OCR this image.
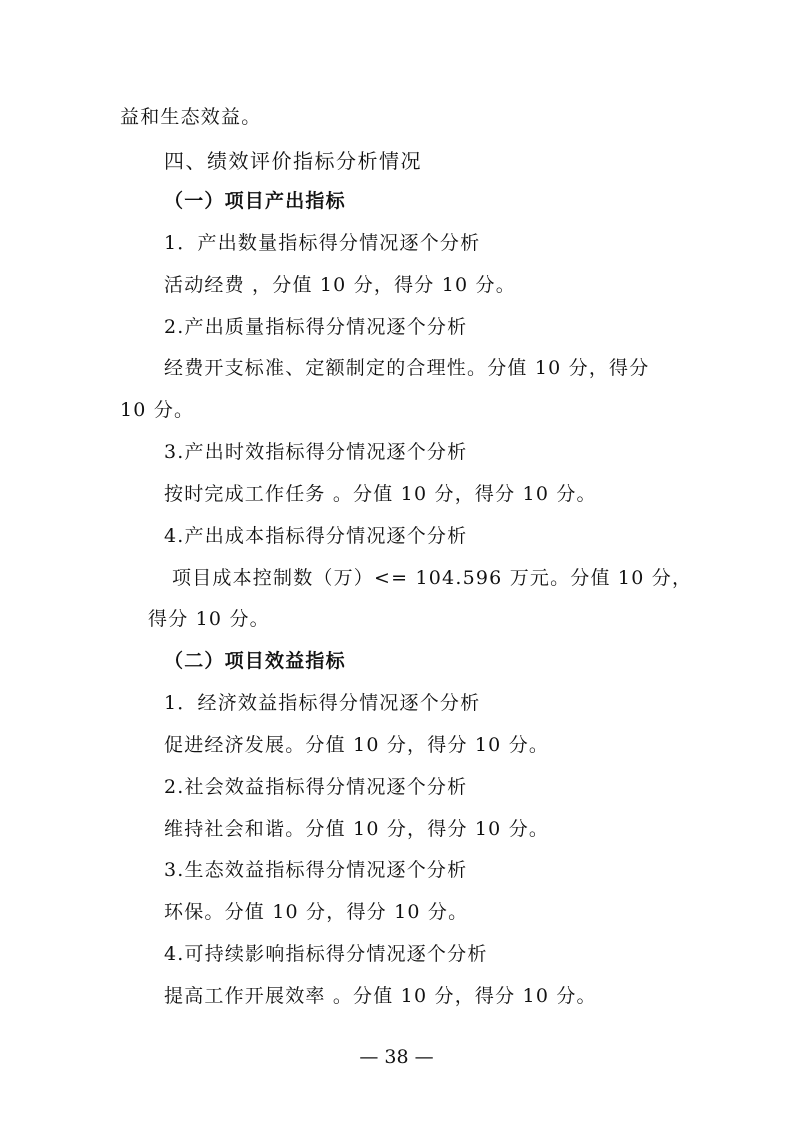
益和生态效益。
四、绩效评价指标分析情况
（一）项目产出指标
1．产出数量指标得分情况逐个分析
活动经费 ，分值 10 分，得分 10 分。
2.产出质量指标得分情况逐个分析
经费开支标准、定额制定的合理性。分值 10 分，得分
10 分。
3.产出时效指标得分情况逐个分析
按时完成工作任务 。分值 10 分，得分 10 分。
4.产出成本指标得分情况逐个分析
项目成本控制数（万）<= 104.596 万元。分值 10 分，
得分 10 分。
（二）项目效益指标
1．经济效益指标得分情况逐个分析
促进经济发展。分值 10 分，得分 10 分。
2.社会效益指标得分情况逐个分析
维持社会和谐。分值 10 分，得分 10 分。
3.生态效益指标得分情况逐个分析
环保。分值 10 分，得分 10 分。
4.可持续影响指标得分情况逐个分析
提高工作开展效率 。分值 10 分，得分 10 分。
— 38 —
